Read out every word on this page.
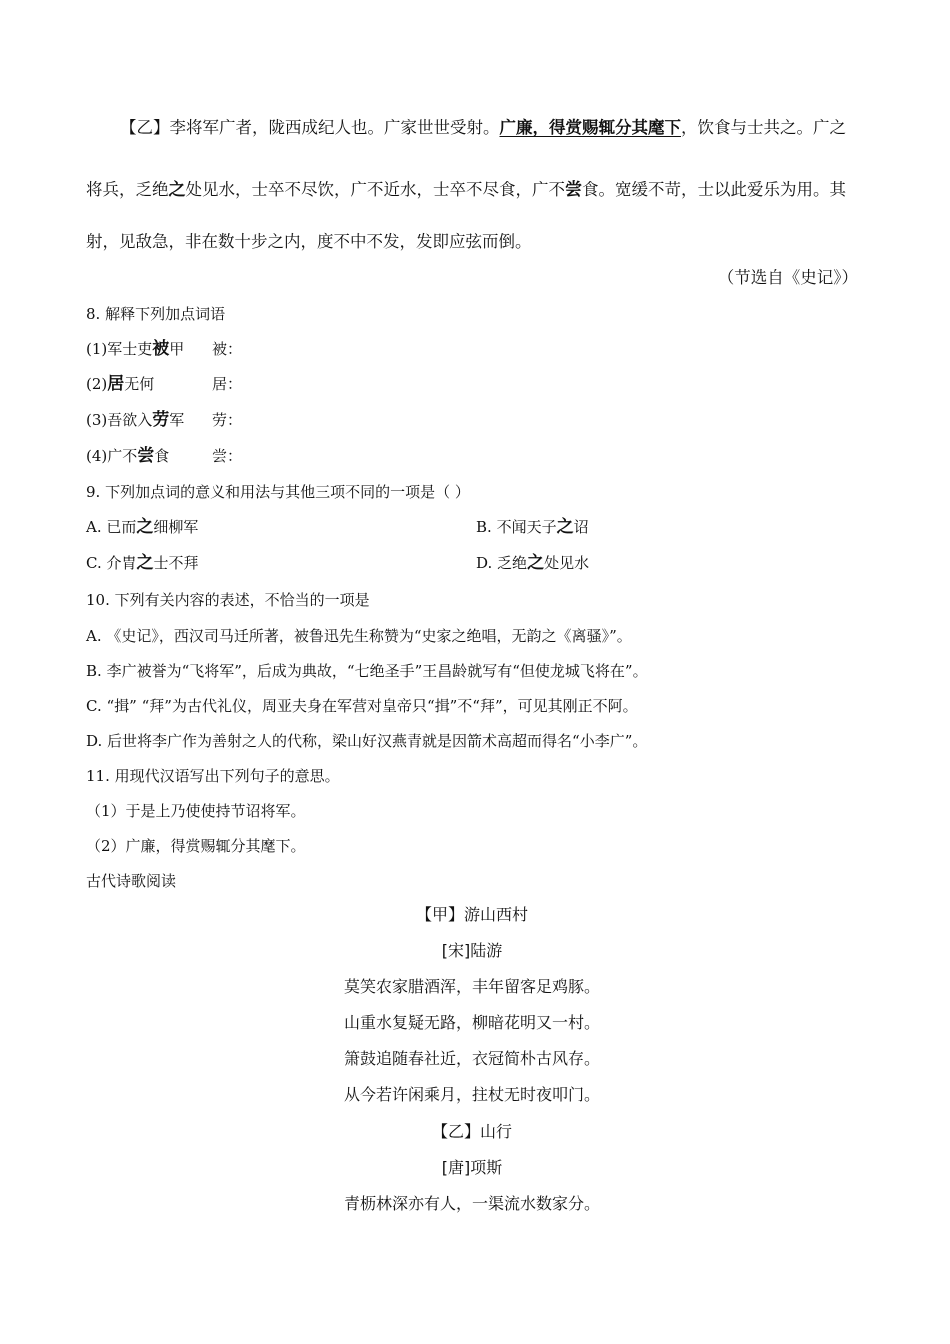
【乙】李将军广者，陇西成纪人也。广家世世受射。广廉，得赏赐辄分其麾下，饮食与士共之。广之
将兵，乏绝之处见水，士卒不尽饮，广不近水，士卒不尽食，广不尝食。宽缓不苛，士以此爱乐为用。其
射，见敌急，非在数十步之内，度不中不发，发即应弦而倒。
（节选自《史记》）
8. 解释下列加点词语
(1)军士吏被甲 被：
(2)居无何	居：
(3)吾欲入劳军 劳：
(4)广不尝食	尝：
9. 下列加点词的意义和用法与其他三项不同的一项是（ ）
A. 已而之细柳军	B. 不闻天子之诏
C. 介胄之士不拜	D. 乏绝之处见水
10. 下列有关内容的表述，不恰当的一项是
A. 《史记》，西汉司马迁所著，被鲁迅先生称赞为“史家之绝唱，无韵之《离骚》”。
B. 李广被誉为“飞将军”，后成为典故，“七绝圣手”王昌龄就写有“但使龙城飞将在”。
C. “揖” “拜”为古代礼仪，周亚夫身在军营对皇帝只“揖”不“拜”，可见其刚正不阿。
D. 后世将李广作为善射之人的代称，梁山好汉燕青就是因箭术高超而得名“小李广”。
11. 用现代汉语写出下列句子的意思。
（1）于是上乃使使持节诏将军。
（2）广廉，得赏赐辄分其麾下。
古代诗歌阅读
【甲】游山西村
[宋]陆游
莫笑农家腊酒浑，丰年留客足鸡豚。
山重水复疑无路，柳暗花明又一村。
箫鼓追随春社近，衣冠简朴古风存。
从今若许闲乘月，拄杖无时夜叩门。
【乙】山行
[唐]项斯
青枥林深亦有人，一渠流水数家分。
